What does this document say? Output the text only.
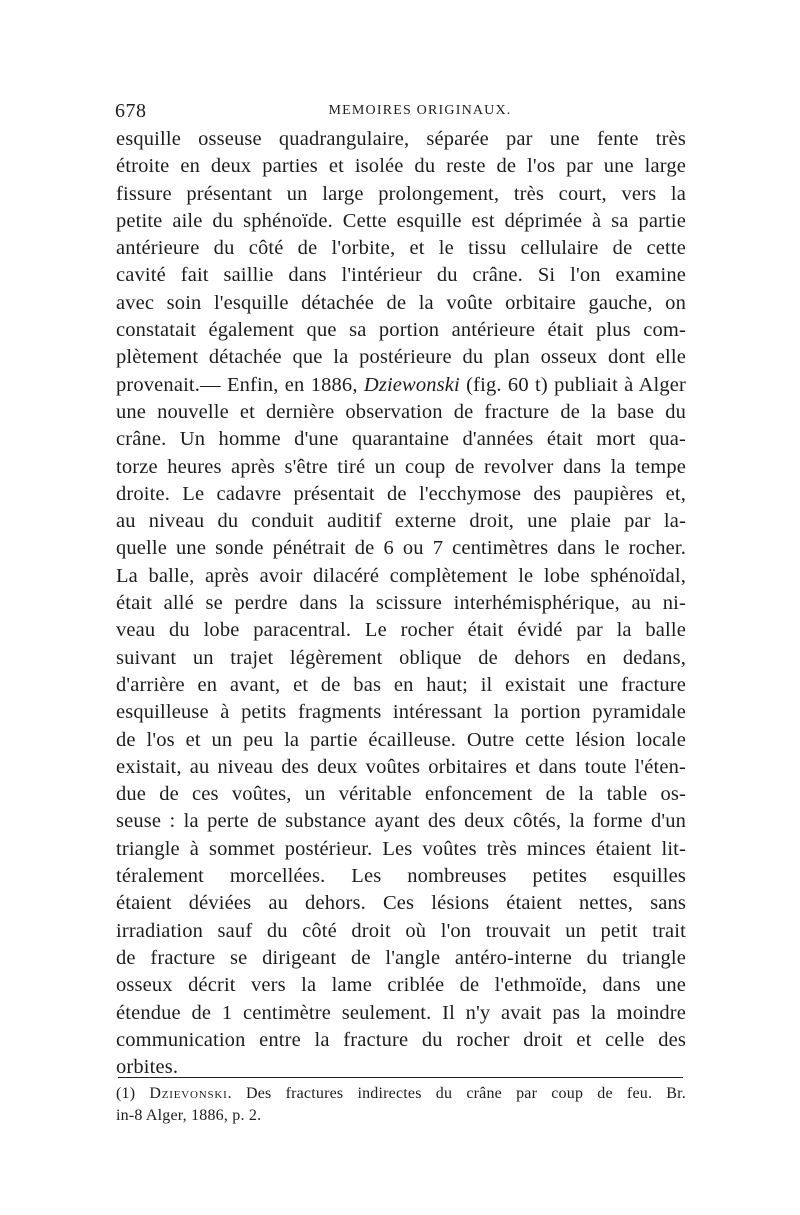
678	MEMOIRES ORIGINAUX.
esquille osseuse quadrangulaire, séparée par une fente très
étroite en deux parties et isolée du reste de l'os par une large
fissure présentant un large prolongement, très court, vers la
petite aile du sphénoïde. Cette esquille est déprimée à sa partie
antérieure du côté de l'orbite, et le tissu cellulaire de cette
cavité fait saillie dans l'intérieur du crâne. Si l'on examine
avec soin l'esquille détachée de la voûte orbitaire gauche, on
constatait également que sa portion antérieure était plus com-
plètement détachée que la postérieure du plan osseux dont elle
provenait.— Enfin, en 1886, Dziewonski (fig. 60 t) publiait à Alger
une nouvelle et dernière observation de fracture de la base du
crâne. Un homme d'une quarantaine d'années était mort qua-
torze heures après s'être tiré un coup de revolver dans la tempe
droite. Le cadavre présentait de l'ecchymose des paupières et,
au niveau du conduit auditif externe droit, une plaie par la-
quelle une sonde pénétrait de 6 ou 7 centimètres dans le rocher.
La balle, après avoir dilacéré complètement le lobe sphénoïdal,
était allé se perdre dans la scissure interhémisphérique, au ni-
veau du lobe paracentral. Le rocher était évidé par la balle
suivant un trajet légèrement oblique de dehors en dedans,
d'arrière en avant, et de bas en haut; il existait une fracture
esquilleuse à petits fragments intéressant la portion pyramidale
de l'os et un peu la partie écailleuse. Outre cette lésion locale
existait, au niveau des deux voûtes orbitaires et dans toute l'éten-
due de ces voûtes, un véritable enfoncement de la table os-
seuse : la perte de substance ayant des deux côtés, la forme d'un
triangle à sommet postérieur. Les voûtes très minces étaient lit-
téralement morcellées. Les nombreuses petites esquilles
étaient déviées au dehors. Ces lésions étaient nettes, sans
irradiation sauf du côté droit où l'on trouvait un petit trait
de fracture se dirigeant de l'angle antéro-interne du triangle
osseux décrit vers la lame criblée de l'ethmoïde, dans une
étendue de 1 centimètre seulement. Il n'y avait pas la moindre
communication entre la fracture du rocher droit et celle des
orbites.
(1) Dzievonski. Des fractures indirectes du crâne par coup de feu. Br.
in-8 Alger, 1886, p. 2.
